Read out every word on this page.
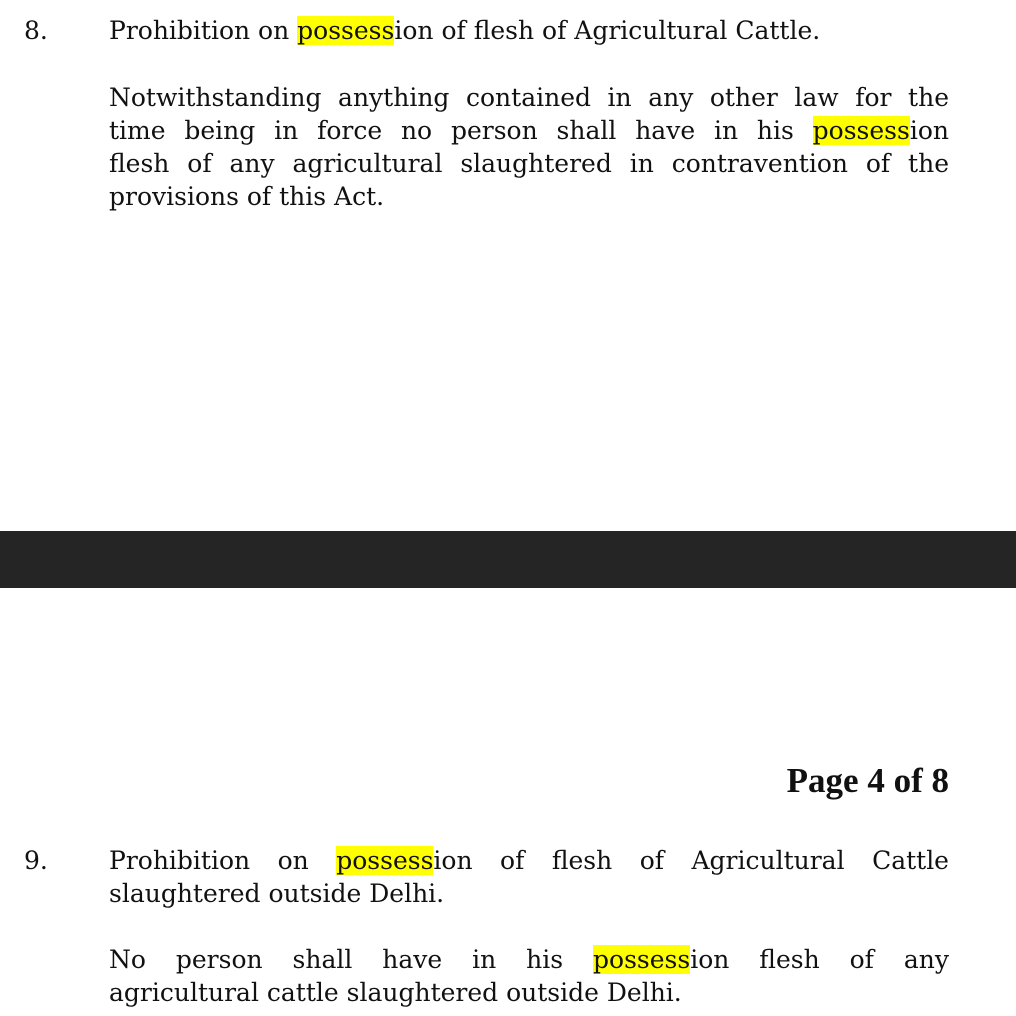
8. Prohibition on possession of flesh of Agricultural Cattle.
Notwithstanding anything contained in any other law for the
time being in force no person shall have in his possession
flesh of any agricultural slaughtered in contravention of the
provisions of this Act.
Page 4 of 8
9. Prohibition on possession of flesh of Agricultural Cattle
slaughtered outside Delhi.
No person shall have in his possession flesh of any
agricultural cattle slaughtered outside Delhi.
